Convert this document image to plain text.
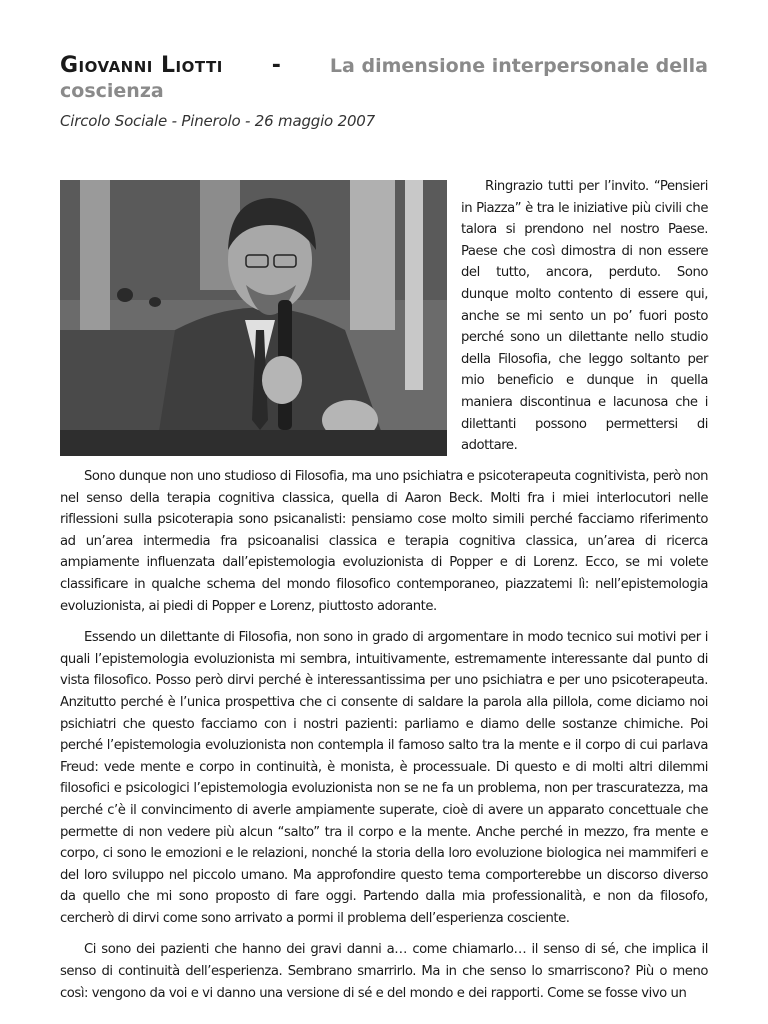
Giovanni Liotti -	La dimensione interpersonale della
coscienza
Circolo Sociale - Pinerolo - 26 maggio 2007

Ringrazio tutti per l’invito. “Pensieri in Piazza” è tra le iniziative più civili che talora si prendono nel nostro Paese. Paese che così dimostra di non essere del tutto, ancora, perduto. Sono dunque molto contento di essere qui, anche se mi sento un po’ fuori posto perché sono un dilettante nello studio della Filosofia, che leggo soltanto per mio beneficio e dunque in quella maniera discontinua e lacunosa che i dilettanti possono permettersi di adottare.

Sono dunque non uno studioso di Filosofia, ma uno psichiatra e psicoterapeuta cognitivista, però non nel senso della terapia cognitiva classica, quella di Aaron Beck. Molti fra i miei interlocutori nelle riflessioni sulla psicoterapia sono psicanalisti: pensiamo cose molto simili perché facciamo riferimento ad un’area intermedia fra psicoanalisi classica e terapia cognitiva classica, un’area di ricerca ampiamente influenzata dall’epistemologia evoluzionista di Popper e di Lorenz. Ecco, se mi volete classificare in qualche schema del mondo filosofico contemporaneo, piazzatemi lì: nell’epistemologia evoluzionista, ai piedi di Popper e Lorenz, piuttosto adorante.

Essendo un dilettante di Filosofia, non sono in grado di argomentare in modo tecnico sui motivi per i quali l’epistemologia evoluzionista mi sembra, intuitivamente, estremamente interessante dal punto di vista filosofico. Posso però dirvi perché è interessantissima per uno psichiatra e per uno psicoterapeuta. Anzitutto perché è l’unica prospettiva che ci consente di saldare la parola alla pillola, come diciamo noi psichiatri che questo facciamo con i nostri pazienti: parliamo e diamo delle sostanze chimiche. Poi perché l’epistemologia evoluzionista non contempla il famoso salto tra la mente e il corpo di cui parlava Freud: vede mente e corpo in continuità, è monista, è processuale. Di questo e di molti altri dilemmi filosofici e psicologici l’epistemologia evoluzionista non se ne fa un problema, non per trascuratezza, ma perché c’è il convincimento di averle ampiamente superate, cioè di avere un apparato concettuale che permette di non vedere più alcun “salto” tra il corpo e la mente. Anche perché in mezzo, fra mente e corpo, ci sono le emozioni e le relazioni, nonché la storia della loro evoluzione biologica nei mammiferi e del loro sviluppo nel piccolo umano. Ma approfondire questo tema comporterebbe un discorso diverso da quello che mi sono proposto di fare oggi. Partendo dalla mia professionalità, e non da filosofo, cercherò di dirvi come sono arrivato a pormi il problema dell’esperienza cosciente.

Ci sono dei pazienti che hanno dei gravi danni a… come chiamarlo… il senso di sé, che implica il senso di continuità dell’esperienza. Sembrano smarrirlo. Ma in che senso lo smarriscono? Più o meno così: vengono da voi e vi danno una versione di sé e del mondo e dei rapporti. Come se fosse vivo un
